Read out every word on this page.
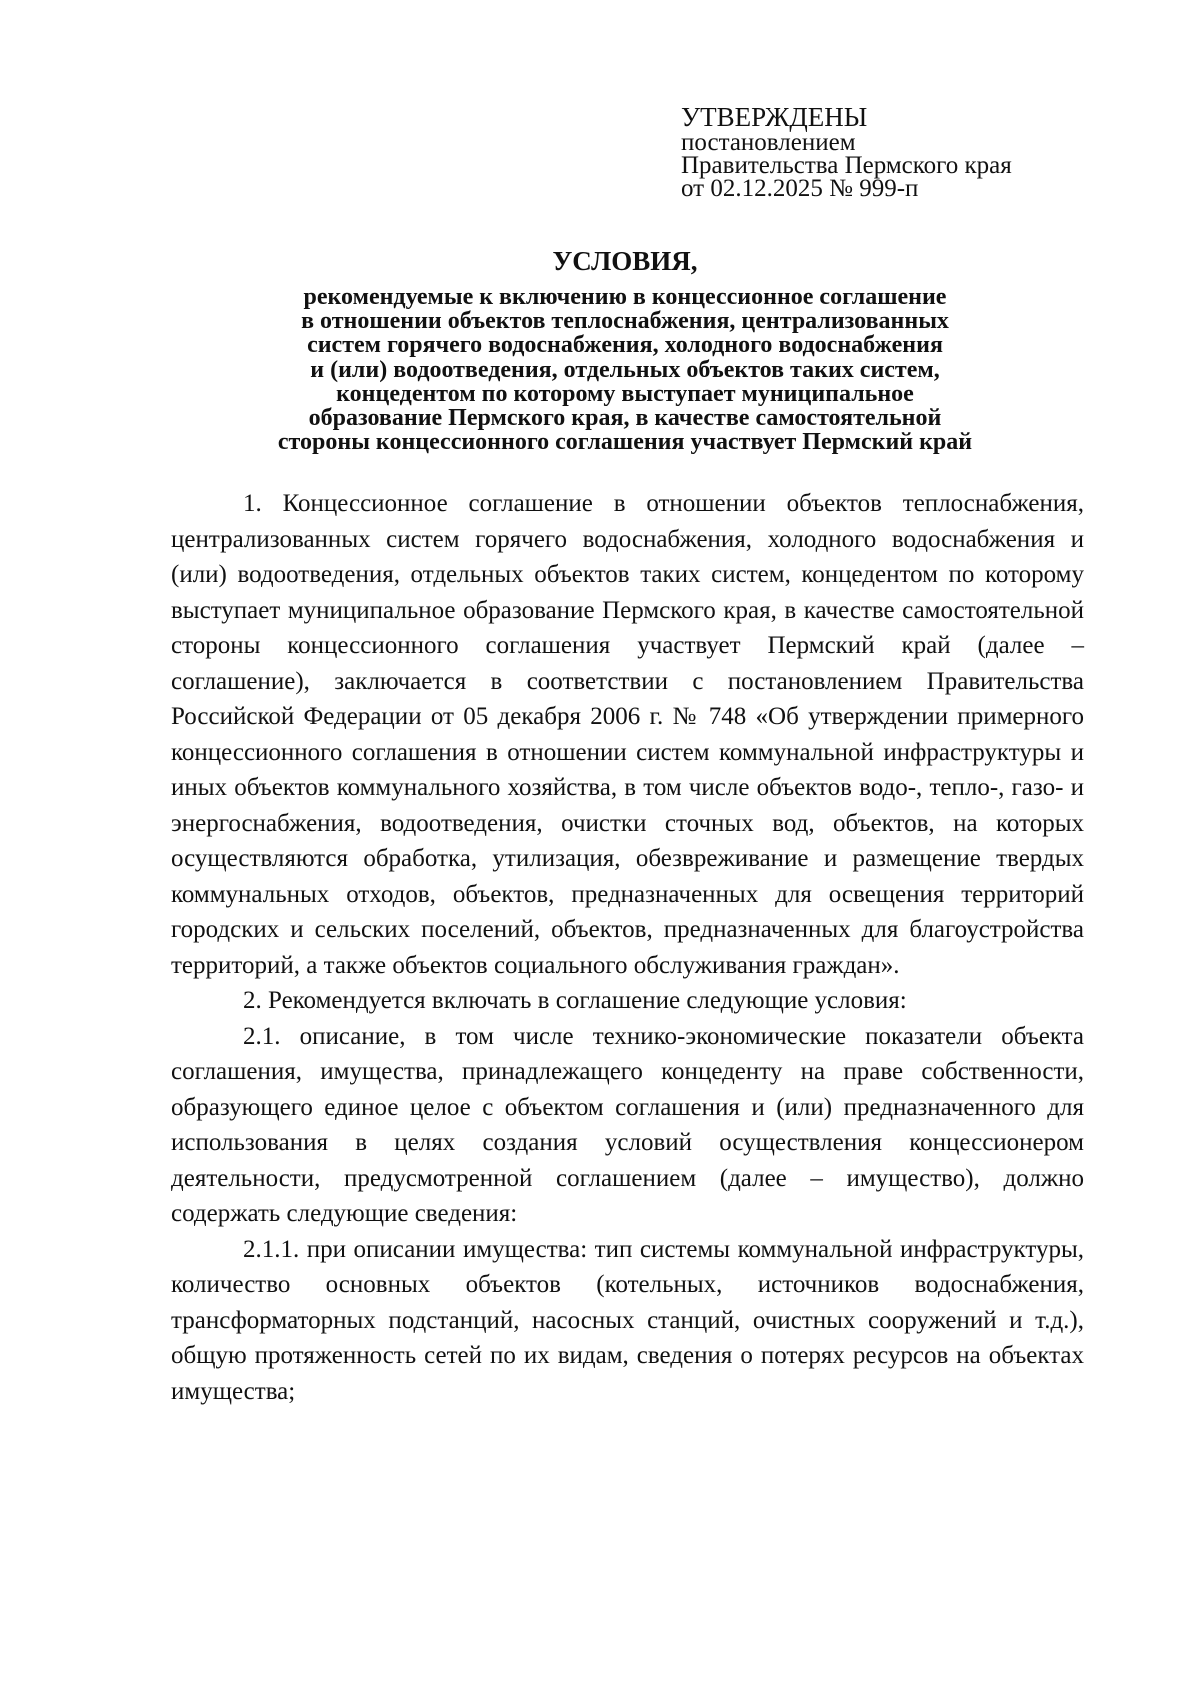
УТВЕРЖДЕНЫ
постановлением
Правительства Пермского края
от 02.12.2025 № 999-п
УСЛОВИЯ,
рекомендуемые к включению в концессионное соглашение
в отношении объектов теплоснабжения, централизованных
систем горячего водоснабжения, холодного водоснабжения
и (или) водоотведения, отдельных объектов таких систем,
концедентом по которому выступает муниципальное
образование Пермского края, в качестве самостоятельной
стороны концессионного соглашения участвует Пермский край

1. Концессионное соглашение в отношении объектов теплоснабжения, централизованных систем горячего водоснабжения, холодного водоснабжения и (или) водоотведения, отдельных объектов таких систем, концедентом по которому выступает муниципальное образование Пермского края, в качестве самостоятельной стороны концессионного соглашения участвует Пермский край (далее – соглашение), заключается в соответствии с постановлением Правительства Российской Федерации от 05 декабря 2006 г. № 748 «Об утверждении примерного концессионного соглашения в отношении систем коммунальной инфраструктуры и иных объектов коммунального хозяйства, в том числе объектов водо-, тепло-, газо- и энергоснабжения, водоотведения, очистки сточных вод, объектов, на которых осуществляются обработка, утилизация, обезвреживание и размещение твердых коммунальных отходов, объектов, предназначенных для освещения территорий городских и сельских поселений, объектов, предназначенных для благоустройства территорий, а также объектов социального обслуживания граждан».

2. Рекомендуется включать в соглашение следующие условия:

2.1. описание, в том числе технико-экономические показатели объекта соглашения, имущества, принадлежащего концеденту на праве собственности, образующего единое целое с объектом соглашения и (или) предназначенного для использования в целях создания условий осуществления концессионером деятельности, предусмотренной соглашением (далее – имущество), должно содержать следующие сведения:

2.1.1. при описании имущества: тип системы коммунальной инфраструктуры, количество основных объектов (котельных, источников водоснабжения, трансформаторных подстанций, насосных станций, очистных сооружений и т.д.), общую протяженность сетей по их видам, сведения о потерях ресурсов на объектах имущества;
